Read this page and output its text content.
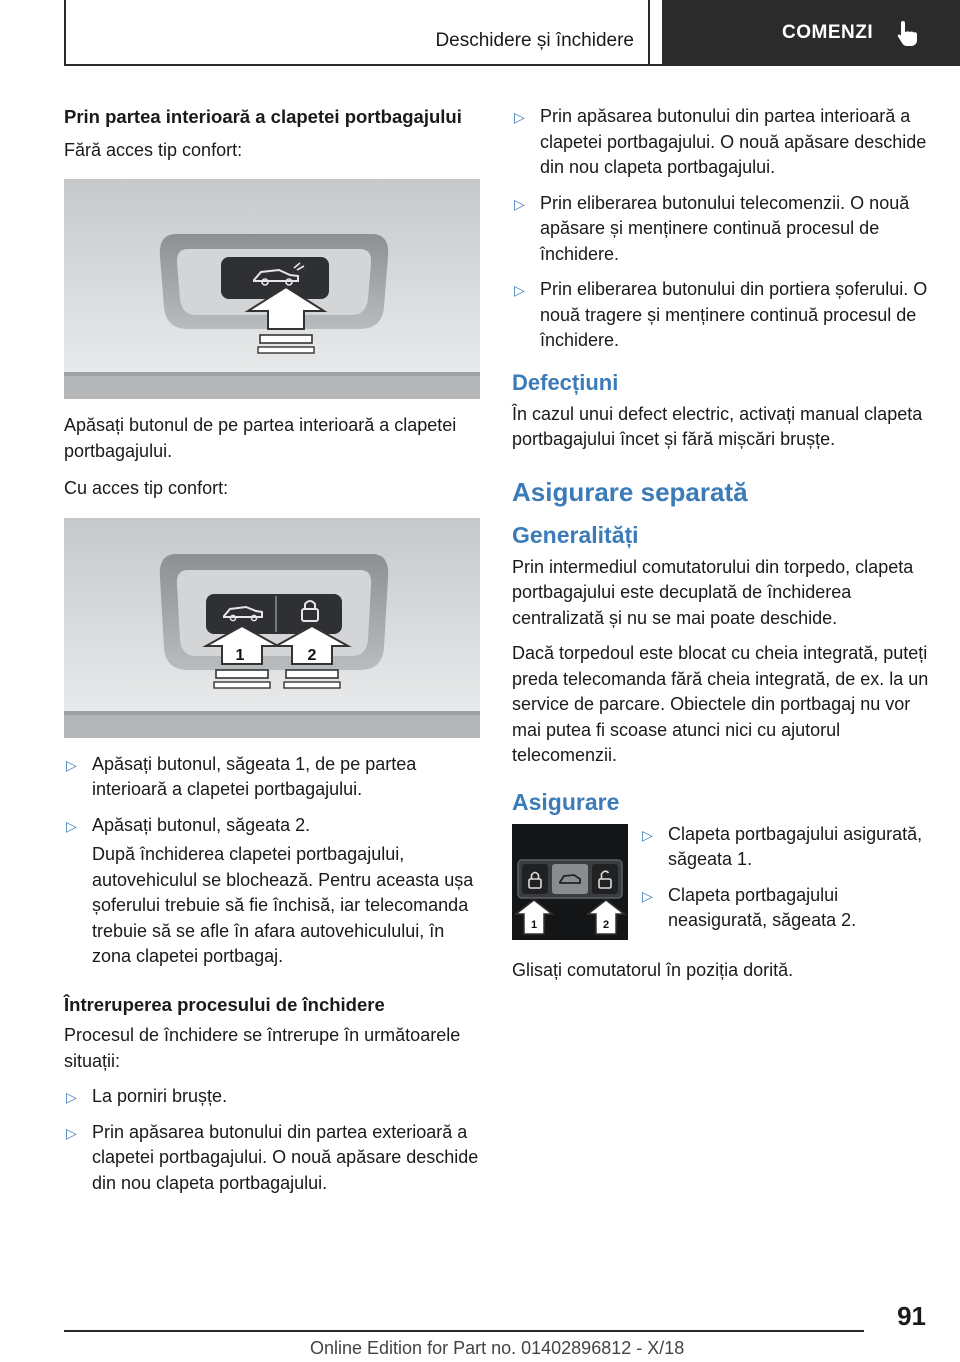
Deschidere și închidere	COMENZI
Prin partea interioară a clapetei portbagajului

Fără acces tip confort:

Apăsați butonul de pe partea interioară a clapetei portbagajului.

Cu acces tip confort:

1	2
▷ Apăsați butonul, săgeata 1, de pe partea interioară a clapetei portbagajului.
▷ Apăsați butonul, săgeata 2.

După închiderea clapetei portbagajului, autovehiculul se blochează. Pentru aceasta ușa șoferului trebuie să fie închisă, iar telecomanda trebuie să se afle în afara autovehiculului, în zona clapetei portbagaj.

Întreruperea procesului de închidere

Procesul de închidere se întrerupe în următoarele situații:

▷ La porniri brușțe.
▷ Prin apăsarea butonului din partea exterioară a clapetei portbagajului. O nouă apăsare deschide din nou clapeta portbagajului.
▷ Prin apăsarea butonului din partea interioară a clapetei portbagajului. O nouă apăsare deschide din nou clapeta portbagajului.
▷ Prin eliberarea butonului telecomenzii. O nouă apăsare și menținere continuă procesul de închidere.
▷ Prin eliberarea butonului din portiera șoferului. O nouă tragere și menținere continuă procesul de închidere.
Defecțiuni

În cazul unui defect electric, activați manual clapeta portbagajului încet și fără mișcări brușțe.

Asigurare separată
Generalități

Prin intermediul comutatorului din torpedo, clapeta portbagajului este decuplată de închiderea centralizată și nu se mai poate deschide.

Dacă torpedoul este blocat cu cheia integrată, puteți preda telecomanda fără cheia integrată, de ex. la un service de parcare. Obiectele din portbagaj nu vor mai putea fi scoase atunci nici cu ajutorul telecomenzii.

Asigurare
1	2
▷ Clapeta portbagajului asigurată, săgeata 1.
▷ Clapeta portbagajului neasigurată, săgeata 2.

Glisați comutatorul în poziția dorită.

91
Online Edition for Part no. 01402896812 - X/18
